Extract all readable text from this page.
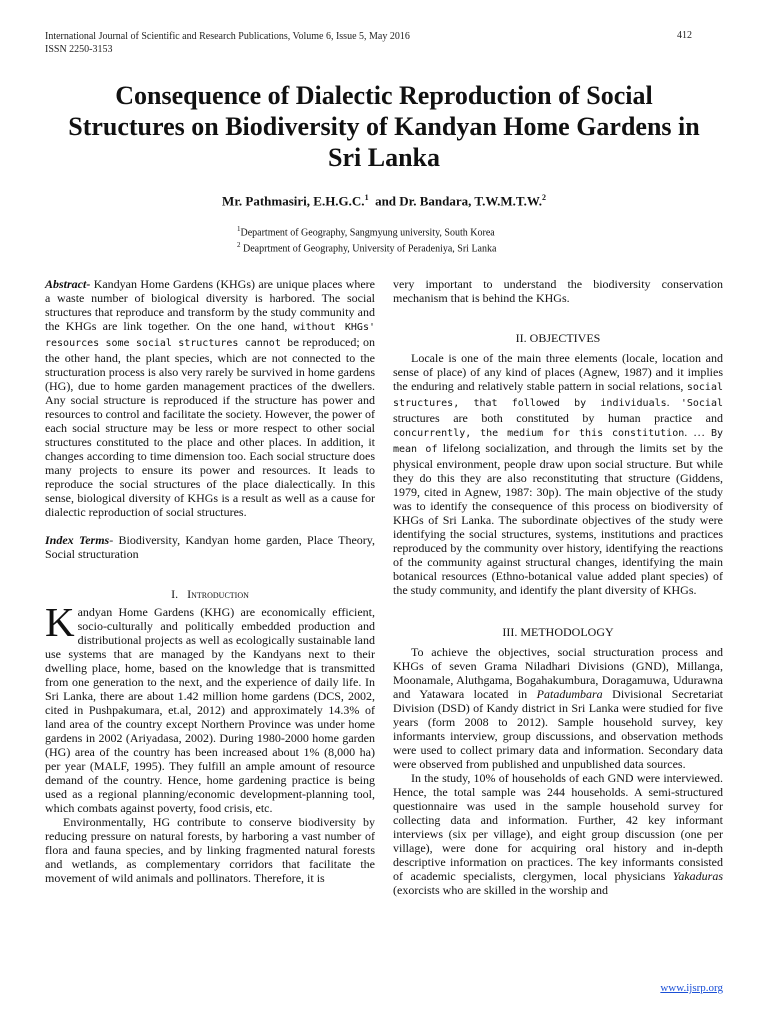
International Journal of Scientific and Research Publications, Volume 6, Issue 5, May 2016
ISSN 2250-3153
412
Consequence of Dialectic Reproduction of Social
Structures on Biodiversity of Kandyan Home Gardens in
Sri Lanka
Mr. Pathmasiri, E.H.G.C.$^1$ and Dr. Bandara, T.W.M.T.W.$^2$
$^1$Department of Geography, Sangmyung university, South Korea
$^2$ Deaprtment of Geography, University of Peradeniya, Sri Lanka

Abstract- Kandyan Home Gardens (KHGs) are unique places where a waste number of biological diversity is harbored. The social structures that reproduce and transform by the study community and the KHGs are link together. On the one hand, without KHGs' resources some social structures cannot be reproduced; on the other hand, the plant species, which are not connected to the structuration process is also very rarely be survived in home gardens (HG), due to home garden management practices of the dwellers. Any social structure is reproduced if the structure has power and resources to control and facilitate the society. However, the power of each social structure may be less or more respect to other social structures constituted to the place and other places. In addition, it changes according to time dimension too. Each social structure does many projects to ensure its power and resources. It leads to reproduce the social structures of the place dialectically. In this sense, biological diversity of KHGs is a result as well as a cause for dialectic reproduction of social structures.

Index Terms- Biodiversity, Kandyan home garden, Place Theory, Social structuration

I. Introduction

Kandyan Home Gardens (KHG) are economically efficient, socio-culturally and politically embedded production and distributional projects as well as ecologically sustainable land use systems that are managed by the Kandyans next to their dwelling place, home, based on the knowledge that is transmitted from one generation to the next, and the experience of daily life. In Sri Lanka, there are about 1.42 million home gardens (DCS, 2002, cited in Pushpakumara, et.al, 2012) and approximately 14.3% of land area of the country except Northern Province was under home gardens in 2002 (Ariyadasa, 2002). During 1980-2000 home garden (HG) area of the country has been increased about 1% (8,000 ha) per year (MALF, 1995). They fulfill an ample amount of resource demand of the country. Hence, home gardening practice is being used as a regional planning/economic development-planning tool, which combats against poverty, food crisis, etc.

Environmentally, HG contribute to conserve biodiversity by reducing pressure on natural forests, by harboring a vast number of flora and fauna species, and by linking fragmented natural forests and wetlands, as complementary corridors that facilitate the movement of wild animals and pollinators. Therefore, it is

very important to understand the biodiversity conservation mechanism that is behind the KHGs.

II. OBJECTIVES

Locale is one of the main three elements (locale, location and sense of place) of any kind of places (Agnew, 1987) and it implies the enduring and relatively stable pattern in social relations, social structures, that followed by individuals. 'Social structures are both constituted by human practice and concurrently, the medium for this constitution. … By mean of lifelong socialization, and through the limits set by the physical environment, people draw upon social structure. But while they do this they are also reconstituting that structure (Giddens, 1979, cited in Agnew, 1987: 30p). The main objective of the study was to identify the consequence of this process on biodiversity of KHGs of Sri Lanka. The subordinate objectives of the study were identifying the social structures, systems, institutions and practices reproduced by the community over history, identifying the reactions of the community against structural changes, identifying the main botanical resources (Ethno-botanical value added plant species) of the study community, and identify the plant diversity of KHGs.

III. METHODOLOGY

To achieve the objectives, social structuration process and KHGs of seven Grama Niladhari Divisions (GND), Millanga, Moonamale, Aluthgama, Bogahakumbura, Doragamuwa, Udurawna and Yatawara located in Patadumbara Divisional Secretariat Division (DSD) of Kandy district in Sri Lanka were studied for five years (form 2008 to 2012). Sample household survey, key informants interview, group discussions, and observation methods were used to collect primary data and information. Secondary data were observed from published and unpublished data sources.

In the study, 10% of households of each GND were interviewed. Hence, the total sample was 244 households. A semi-structured questionnaire was used in the sample household survey for collecting data and information. Further, 42 key informant interviews (six per village), and eight group discussion (one per village), were done for acquiring oral history and in-depth descriptive information on practices. The key informants consisted of academic specialists, clergymen, local physicians Yakaduras (exorcists who are skilled in the worship and

www.ijsrp.org
